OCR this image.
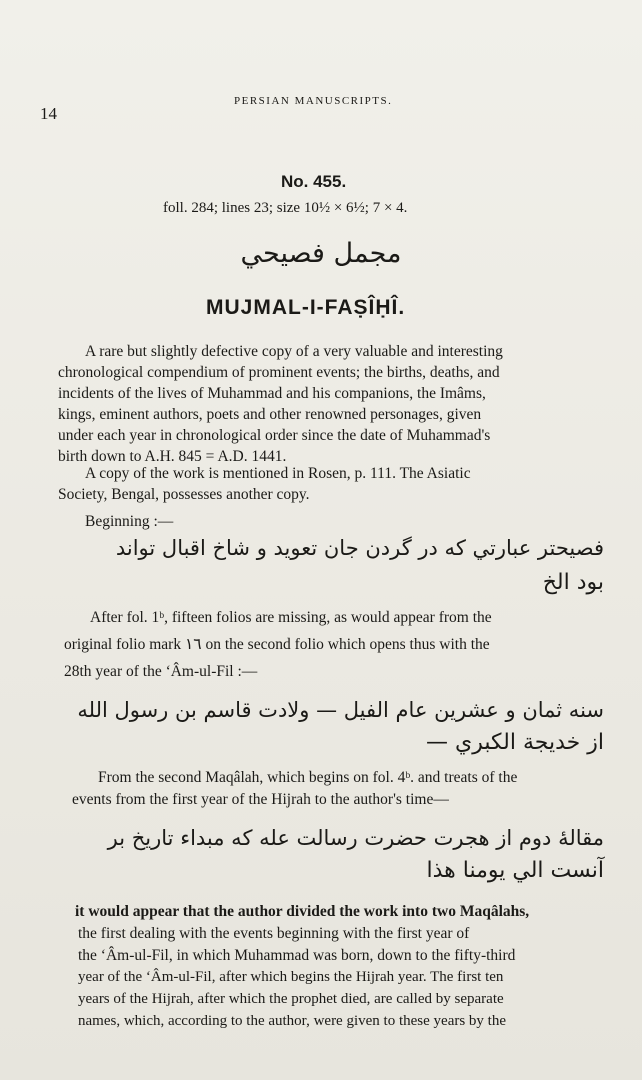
14
PERSIAN MANUSCRIPTS.
No. 455.
foll. 284; lines 23; size 10½ × 6½; 7 × 4.
مجمل فصيحي
MUJMAL-I-FAṢÎḤÎ.
A rare but slightly defective copy of a very valuable and interesting
chronological compendium of prominent events; the births, deaths, and
incidents of the lives of Muhammad and his companions, the Imâms,
kings, eminent authors, poets and other renowned personages, given
under each year in chronological order since the date of Muhammad's
birth down to A.H. 845 = A.D. 1441.
A copy of the work is mentioned in Rosen, p. 111. The Asiatic
Society, Bengal, possesses another copy.
Beginning :—
فصيحتر عبارتي كه در گردن جان تعويد و شاخ اقبال تواند
بود الخ
After fol. 1ᵇ, fifteen folios are missing, as would appear from the
original folio mark ١٦ on the second folio which opens thus with the
28th year of the ‘Âm-ul-Fil :—
سنه ثمان و عشرين عام الفيل — ولادت قاسم بن رسول الله
از خديجة الكبري —
From the second Maqâlah, which begins on fol. 4ᵇ. and treats of the
events from the first year of the Hijrah to the author's time—
مقالهٔ دوم از هجرت حضرت رسالت عله كه مبداء تاريخ بر
آنست الي يومنا هذا
it would appear that the author divided the work into two Maqâlahs,
the first dealing with the events beginning with the first year of
the ‘Âm-ul-Fil, in which Muhammad was born, down to the fifty-third
year of the ‘Âm-ul-Fil, after which begins the Hijrah year. The first ten
years of the Hijrah, after which the prophet died, are called by separate
names, which, according to the author, were given to these years by the
